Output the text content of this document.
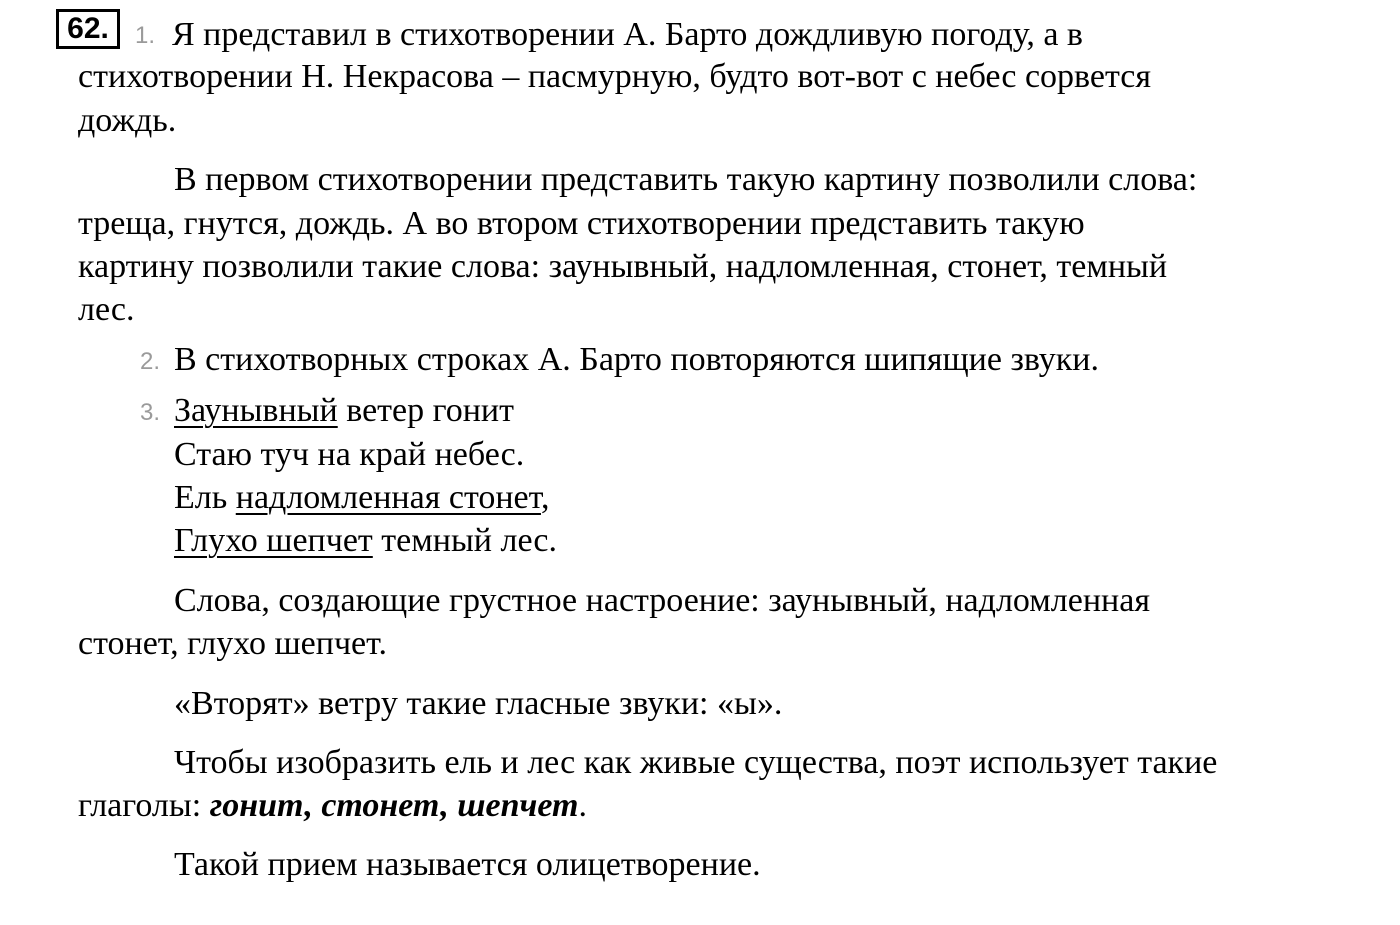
62.	1. Я представил в стихотворении А. Барто дождливую погоду, а в
стихотворении Н. Некрасова – пасмурную, будто вот-вот с небес сорвется
дождь.
В первом стихотворении представить такую картину позволили слова:
треща, гнутся, дождь. А во втором стихотворении представить такую
картину позволили такие слова: заунывный, надломленная, стонет, темный
лес.
2. В стихотворных строках А. Барто повторяются шипящие звуки.
3. Заунывный ветер гонит
Стаю туч на край небес.
Ель надломленная стонет,
Глухо шепчет темный лес.
Слова, создающие грустное настроение: заунывный, надломленная
стонет, глухо шепчет.
«Вторят» ветру такие гласные звуки: «ы».
Чтобы изобразить ель и лес как живые существа, поэт использует такие
глаголы: гонит, стонет, шепчет.
Такой прием называется олицетворение.
